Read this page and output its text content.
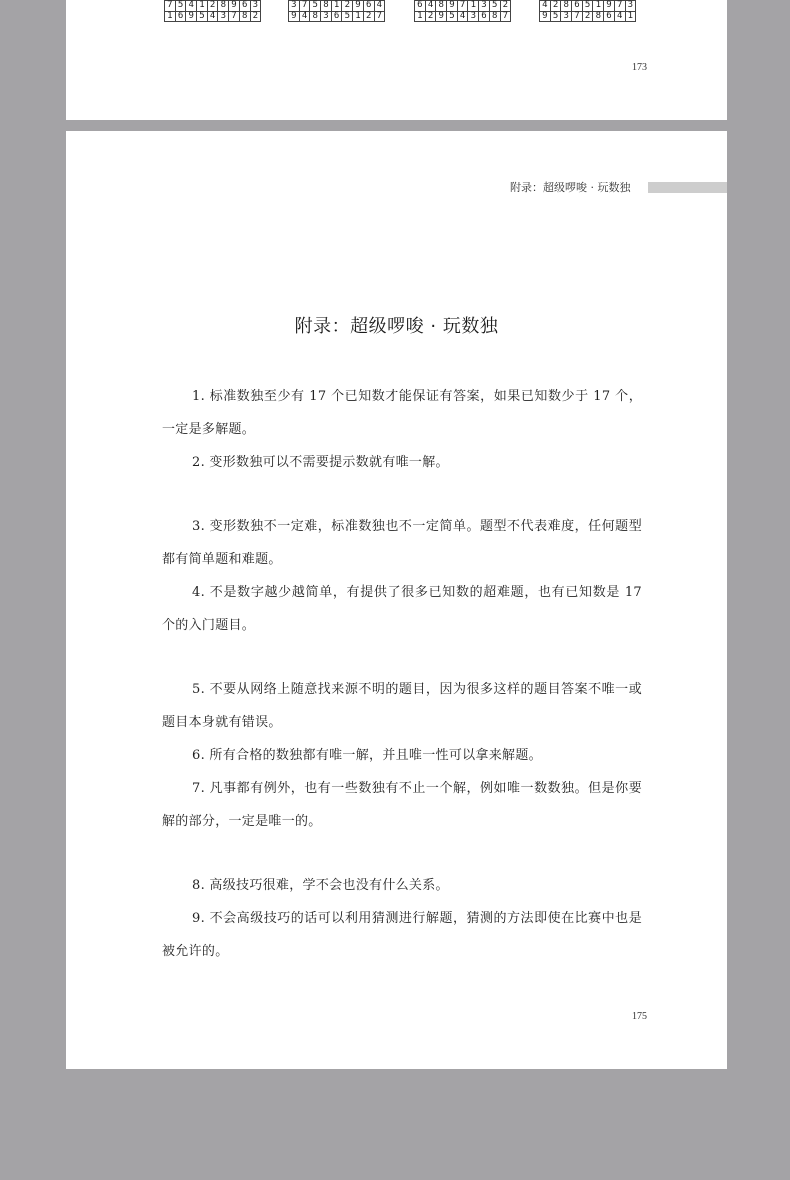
7 5 4 1 2 8 9 6 3
1 6 9 5 4 3 7 8 2
3 7 5 8 1 2 9 6 4
9 4 8 3 6 5 1 2 7
6 4 8 9 7 1 3 5 2
1 2 9 5 4 3 6 8 7
4 2 8 6 5 1 9 7 3
9 5 3 7 2 8 6 4 1
173
附录：超级啰唆 · 玩数独
附录：超级啰唆 · 玩数独

1. 标准数独至少有 17 个已知数才能保证有答案，如果已知数少于 17 个，一定是多解题。

2. 变形数独可以不需要提示数就有唯一解。

3. 变形数独不一定难，标准数独也不一定简单。题型不代表难度，任何题型都有简单题和难题。

4. 不是数字越少越简单，有提供了很多已知数的超难题，也有已知数是 17 个的入门题目。

5. 不要从网络上随意找来源不明的题目，因为很多这样的题目答案不唯一或题目本身就有错误。

6. 所有合格的数独都有唯一解，并且唯一性可以拿来解题。

7. 凡事都有例外，也有一些数独有不止一个解，例如唯一数数独。但是你要解的部分，一定是唯一的。

8. 高级技巧很难，学不会也没有什么关系。

9. 不会高级技巧的话可以利用猜测进行解题，猜测的方法即使在比赛中也是被允许的。

175
